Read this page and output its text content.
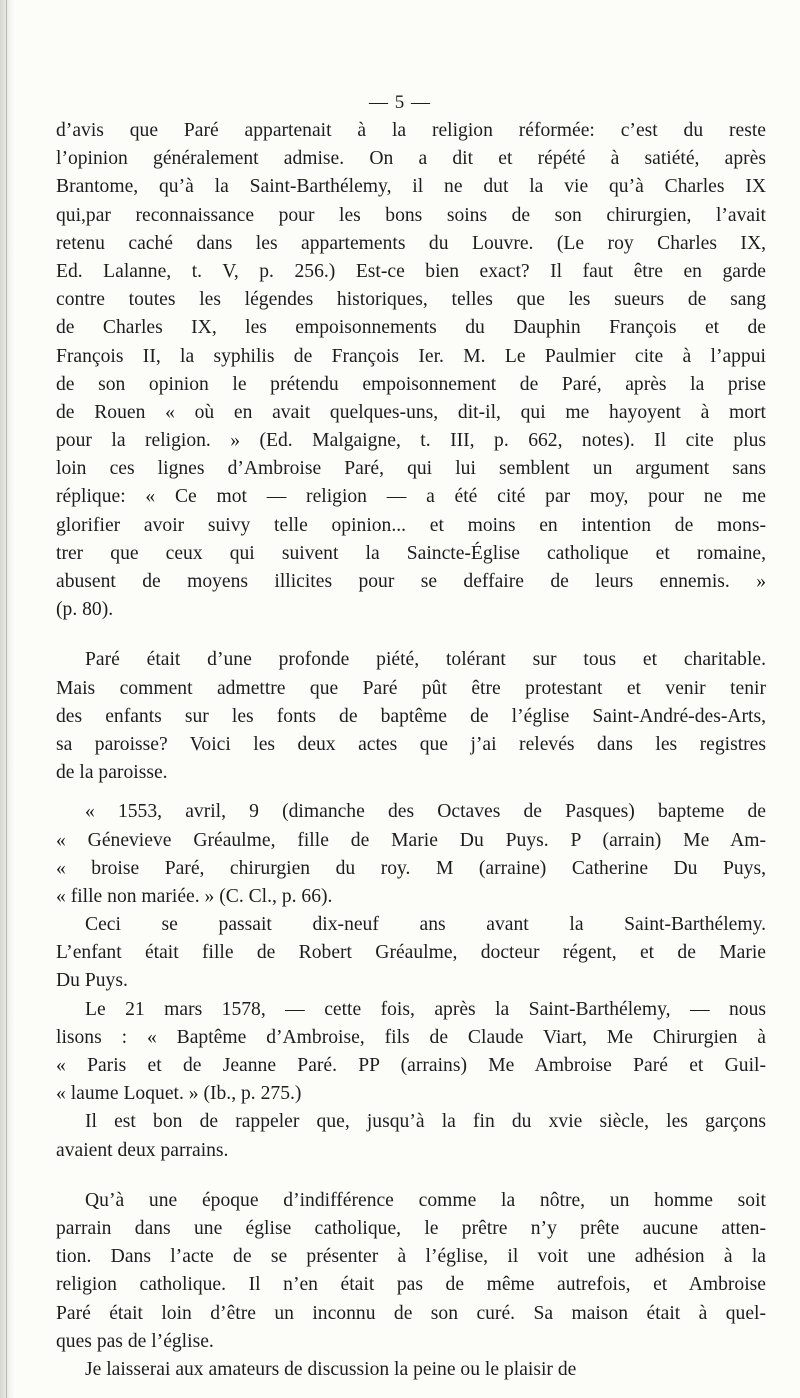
— 5 —
d’avis que Paré appartenait à la religion réformée: c’est du reste
l’opinion généralement admise. On a dit et répété à satiété, après
Brantome, qu’à la Saint-Barthélemy, il ne dut la vie qu’à Charles IX
qui,par reconnaissance pour les bons soins de son chirurgien, l’avait
retenu caché dans les appartements du Louvre. (Le roy Charles IX,
Ed. Lalanne, t. V, p. 256.) Est-ce bien exact? Il faut être en garde
contre toutes les légendes historiques, telles que les sueurs de sang
de Charles IX, les empoisonnements du Dauphin François et de
François II, la syphilis de François Ier. M. Le Paulmier cite à l’appui
de son opinion le prétendu empoisonnement de Paré, après la prise
de Rouen « où en avait quelques-uns, dit-il, qui me hayoyent à mort
pour la religion. » (Ed. Malgaigne, t. III, p. 662, notes). Il cite plus
loin ces lignes d’Ambroise Paré, qui lui semblent un argument sans
réplique: « Ce mot — religion — a été cité par moy, pour ne me
glorifier avoir suivy telle opinion... et moins en intention de mons-
trer que ceux qui suivent la Saincte-Église catholique et romaine,
abusent de moyens illicites pour se deffaire de leurs ennemis. »
(p. 80).
Paré était d’une profonde piété, tolérant sur tous et charitable.
Mais comment admettre que Paré pût être protestant et venir tenir
des enfants sur les fonts de baptême de l’église Saint-André-des-Arts,
sa paroisse? Voici les deux actes que j’ai relevés dans les registres
de la paroisse.
« 1553, avril, 9 (dimanche des Octaves de Pasques) bapteme de
« Génevieve Gréaulme, fille de Marie Du Puys. P (arrain) Me Am-
« broise Paré, chirurgien du roy. M (arraine) Catherine Du Puys,
« fille non mariée. » (C. Cl., p. 66).
Ceci se passait dix-neuf ans avant la Saint-Barthélemy.
L’enfant était fille de Robert Gréaulme, docteur régent, et de Marie
Du Puys.
Le 21 mars 1578, — cette fois, après la Saint-Barthélemy, — nous
lisons : « Baptême d’Ambroise, fils de Claude Viart, Me Chirurgien à
« Paris et de Jeanne Paré. PP (arrains) Me Ambroise Paré et Guil-
« laume Loquet. » (Ib., p. 275.)
Il est bon de rappeler que, jusqu’à la fin du xvie siècle, les garçons
avaient deux parrains.
Qu’à une époque d’indifférence comme la nôtre, un homme soit
parrain dans une église catholique, le prêtre n’y prête aucune atten-
tion. Dans l’acte de se présenter à l’église, il voit une adhésion à la
religion catholique. Il n’en était pas de même autrefois, et Ambroise
Paré était loin d’être un inconnu de son curé. Sa maison était à quel-
ques pas de l’église.
Je laisserai aux amateurs de discussion la peine ou le plaisir de
